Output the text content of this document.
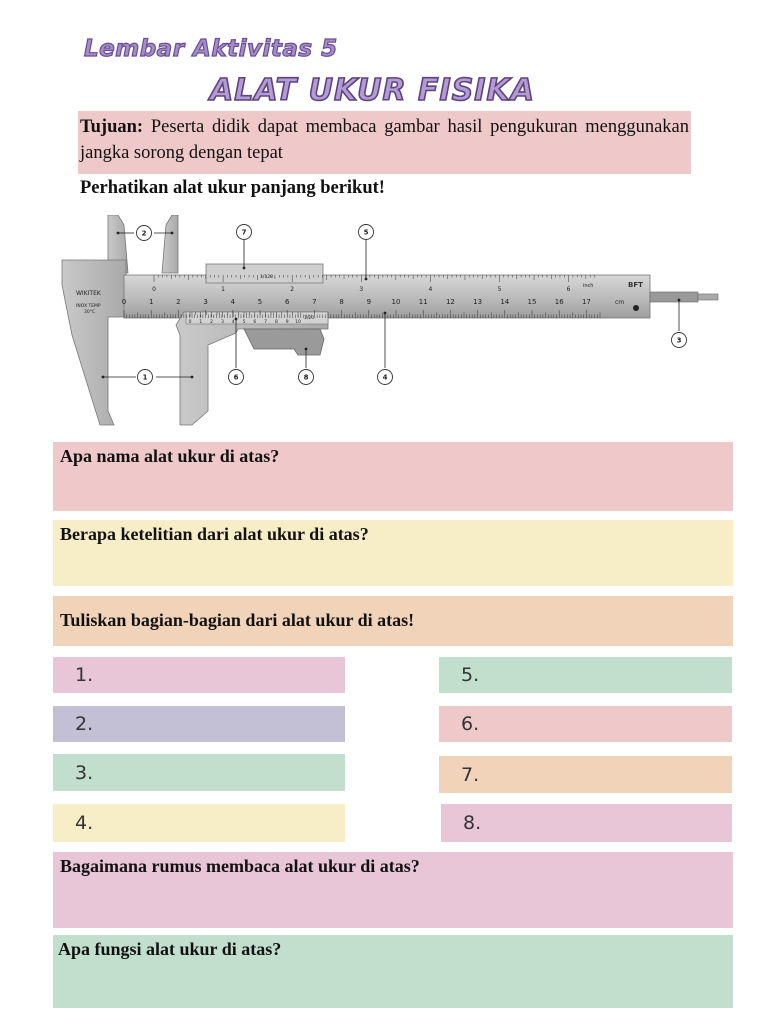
Lembar Aktivitas 5
ALAT UKUR FISIKA
Tujuan: Peserta didik dapat membaca gambar hasil pengukuran menggunakan jangka sorong dengan tepat
Perhatikan alat ukur panjang berikut!
WIKITEK
INOX TEMP
30°C
inch
cm
BFT
1/128
1/20
0	1	2	3	4	5	6	7	8	9	10	11	12	13	14	15	16	17
0	1	2	3	4	5	6
0 1 2 3 4 5 6 7 8 9 10
1
2
3
4
5
6
7
8
Apa nama alat ukur di atas?
Berapa ketelitian dari alat ukur di atas?
Tuliskan bagian-bagian dari alat ukur di atas!
1.
2.
3.
4.
5.
6.
7.
8.
Bagaimana rumus membaca alat ukur di atas?
Apa fungsi alat ukur di atas?
